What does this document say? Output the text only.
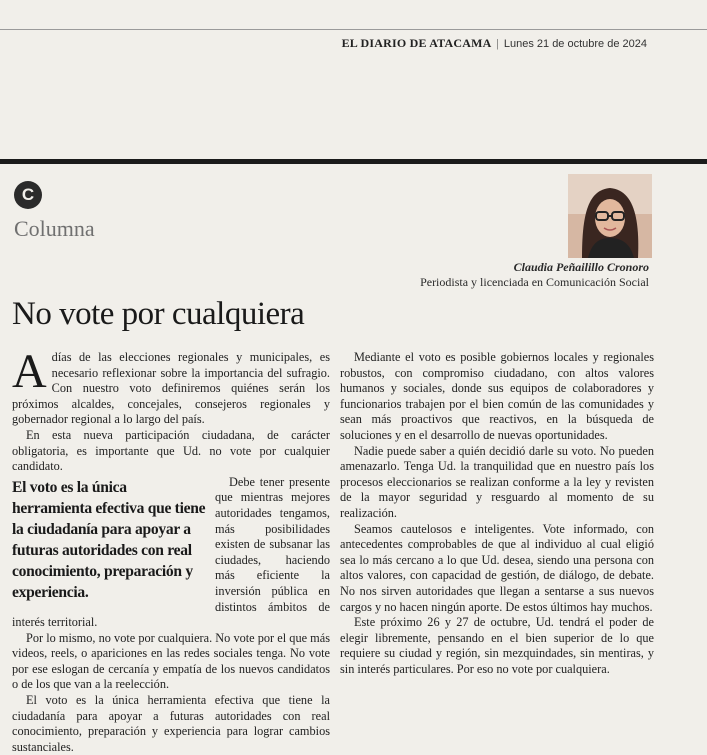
EL DIARIO DE ATACAMA | Lunes 21 de octubre de 2024
C
Columna
Claudia Peñailillo Cronoro
Periodista y licenciada en Comunicación Social
No vote por cualquiera

A días de las elecciones regionales y municipales, es necesario reflexionar sobre la importancia del sufragio. Con nuestro voto definiremos quiénes serán los próximos alcaldes, concejales, consejeros regionales y gobernador regional a lo largo del país.

En esta nueva participación ciudadana, de carácter obligatoria, es importante que Ud. no vote por cualquier candidato.

El voto es la única herramienta efectiva que tiene la ciudadanía para apoyar a futuras autoridades con real conocimiento, preparación y experiencia.

Debe tener presente que mientras mejores autoridades tengamos, más posibilidades existen de subsanar las ciudades, haciendo más eficiente la inversión pública en distintos ámbitos de interés territorial.

Por lo mismo, no vote por cualquiera. No vote por el que más videos, reels, o apariciones en las redes sociales tenga. No vote por ese eslogan de cercanía y empatía de los nuevos candidatos o de los que van a la reelección.

El voto es la única herramienta efectiva que tiene la ciudadanía para apoyar a futuras autoridades con real conocimiento, preparación y experiencia para lograr cambios sustanciales.

Mediante el voto es posible gobiernos locales y regionales robustos, con compromiso ciudadano, con altos valores humanos y sociales, donde sus equipos de colaboradores y funcionarios trabajen por el bien común de las comunidades y sean más proactivos que reactivos, en la búsqueda de soluciones y en el desarrollo de nuevas oportunidades.

Nadie puede saber a quién decidió darle su voto. No pueden amenazarlo. Tenga Ud. la tranquilidad que en nuestro país los procesos eleccionarios se realizan conforme a la ley y revisten de la mayor seguridad y resguardo al momento de su realización.

Seamos cautelosos e inteligentes. Vote informado, con antecedentes comprobables de que al individuo al cual eligió sea lo más cercano a lo que Ud. desea, siendo una persona con altos valores, con capacidad de gestión, de diálogo, de debate. No nos sirven autoridades que llegan a sentarse a sus nuevos cargos y no hacen ningún aporte. De estos últimos hay muchos.

Este próximo 26 y 27 de octubre, Ud. tendrá el poder de elegir libremente, pensando en el bien superior de lo que requiere su ciudad y región, sin mezquindades, sin mentiras, y sin interés particulares. Por eso no vote por cualquiera.
